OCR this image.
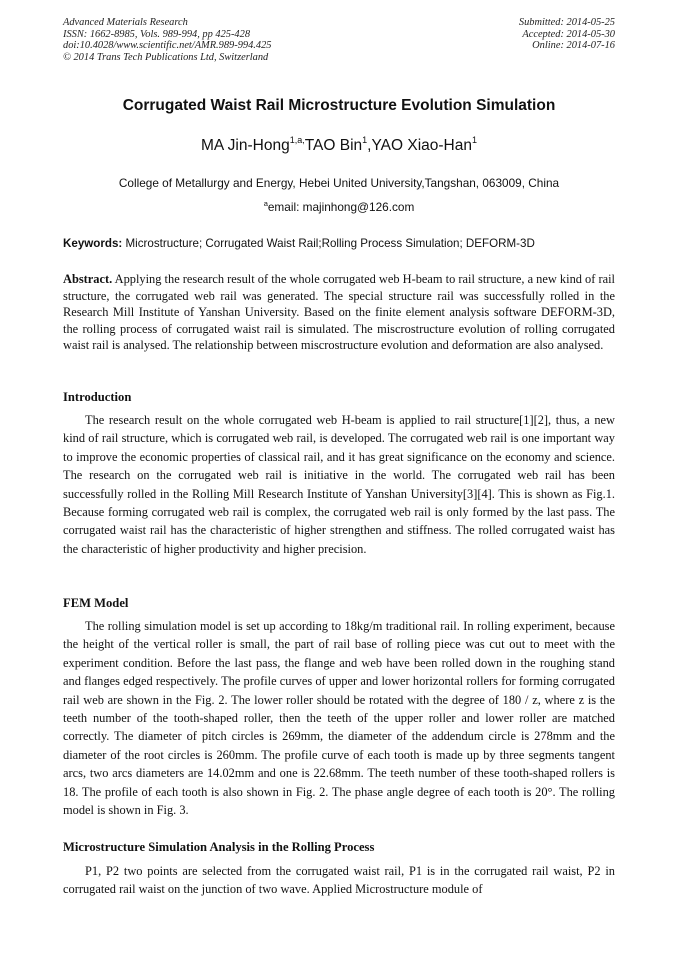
Advanced Materials Research
ISSN: 1662-8985, Vols. 989-994, pp 425-428
doi:10.4028/www.scientific.net/AMR.989-994.425
© 2014 Trans Tech Publications Ltd, Switzerland
Submitted: 2014-05-25
Accepted: 2014-05-30
Online: 2014-07-16
Corrugated Waist Rail Microstructure Evolution Simulation
MA Jin-Hong$^{1,a,}$TAO Bin$^1$,YAO Xiao-Han$^1$
College of Metallurgy and Energy, Hebei United University,Tangshan, 063009, China
$^a$email: majinhong@126.com
Keywords: Microstructure; Corrugated Waist Rail;Rolling Process Simulation; DEFORM-3D
Abstract. Applying the research result of the whole corrugated web H-beam to rail structure, a new kind of rail structure, the corrugated web rail was generated. The special structure rail was successfully rolled in the Research Mill Institute of Yanshan University. Based on the finite element analysis software DEFORM-3D, the rolling process of corrugated waist rail is simulated. The miscrostructure evolution of rolling corrugated waist rail is analysed. The relationship between miscrostructure evolution and deformation are also analysed.
Introduction
The research result on the whole corrugated web H-beam is applied to rail structure[1][2], thus, a new kind of rail structure, which is corrugated web rail, is developed. The corrugated web rail is one important way to improve the economic properties of classical rail, and it has great significance on the economy and science. The research on the corrugated web rail is initiative in the world. The corrugated web rail has been successfully rolled in the Rolling Mill Research Institute of Yanshan University[3][4]. This is shown as Fig.1. Because forming corrugated web rail is complex, the corrugated web rail is only formed by the last pass. The corrugated waist rail has the characteristic of higher strengthen and stiffness. The rolled corrugated waist has the characteristic of higher productivity and higher precision.
FEM Model
The rolling simulation model is set up according to 18kg/m traditional rail. In rolling experiment, because the height of the vertical roller is small, the part of rail base of rolling piece was cut out to meet with the experiment condition. Before the last pass, the flange and web have been rolled down in the roughing stand and flanges edged respectively. The profile curves of upper and lower horizontal rollers for forming corrugated rail web are shown in the Fig. 2. The lower roller should be rotated with the degree of 180 / z, where z is the teeth number of the tooth-shaped roller, then the teeth of the upper roller and lower roller are matched correctly. The diameter of pitch circles is 269mm, the diameter of the addendum circle is 278mm and the diameter of the root circles is 260mm. The profile curve of each tooth is made up by three segments tangent arcs, two arcs diameters are 14.02mm and one is 22.68mm. The teeth number of these tooth-shaped rollers is 18. The profile of each tooth is also shown in Fig. 2. The phase angle degree of each tooth is 20°. The rolling model is shown in Fig. 3.
Microstructure Simulation Analysis in the Rolling Process
P1, P2 two points are selected from the corrugated waist rail, P1 is in the corrugated rail waist, P2 in corrugated rail waist on the junction of two wave. Applied Microstructure module of
